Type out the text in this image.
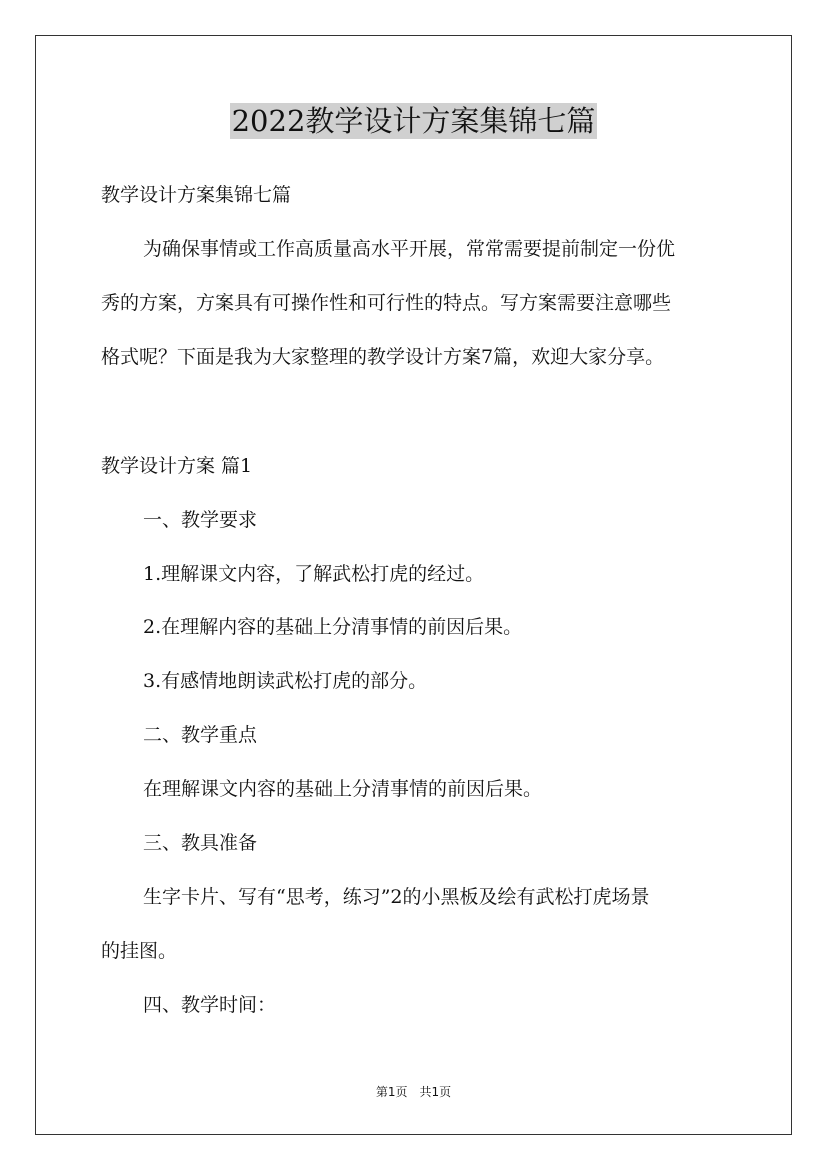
2022教学设计方案集锦七篇
教学设计方案集锦七篇
为确保事情或工作高质量高水平开展，常常需要提前制定一份优
秀的方案，方案具有可操作性和可行性的特点。写方案需要注意哪些
格式呢？下面是我为大家整理的教学设计方案7篇，欢迎大家分享。
教学设计方案 篇1
一、教学要求
1.理解课文内容，了解武松打虎的经过。
2.在理解内容的基础上分清事情的前因后果。
3.有感情地朗读武松打虎的部分。
二、教学重点
在理解课文内容的基础上分清事情的前因后果。
三、教具准备
生字卡片、写有“思考，练习”2的小黑板及绘有武松打虎场景
的挂图。
四、教学时间：
第1页　共1页
